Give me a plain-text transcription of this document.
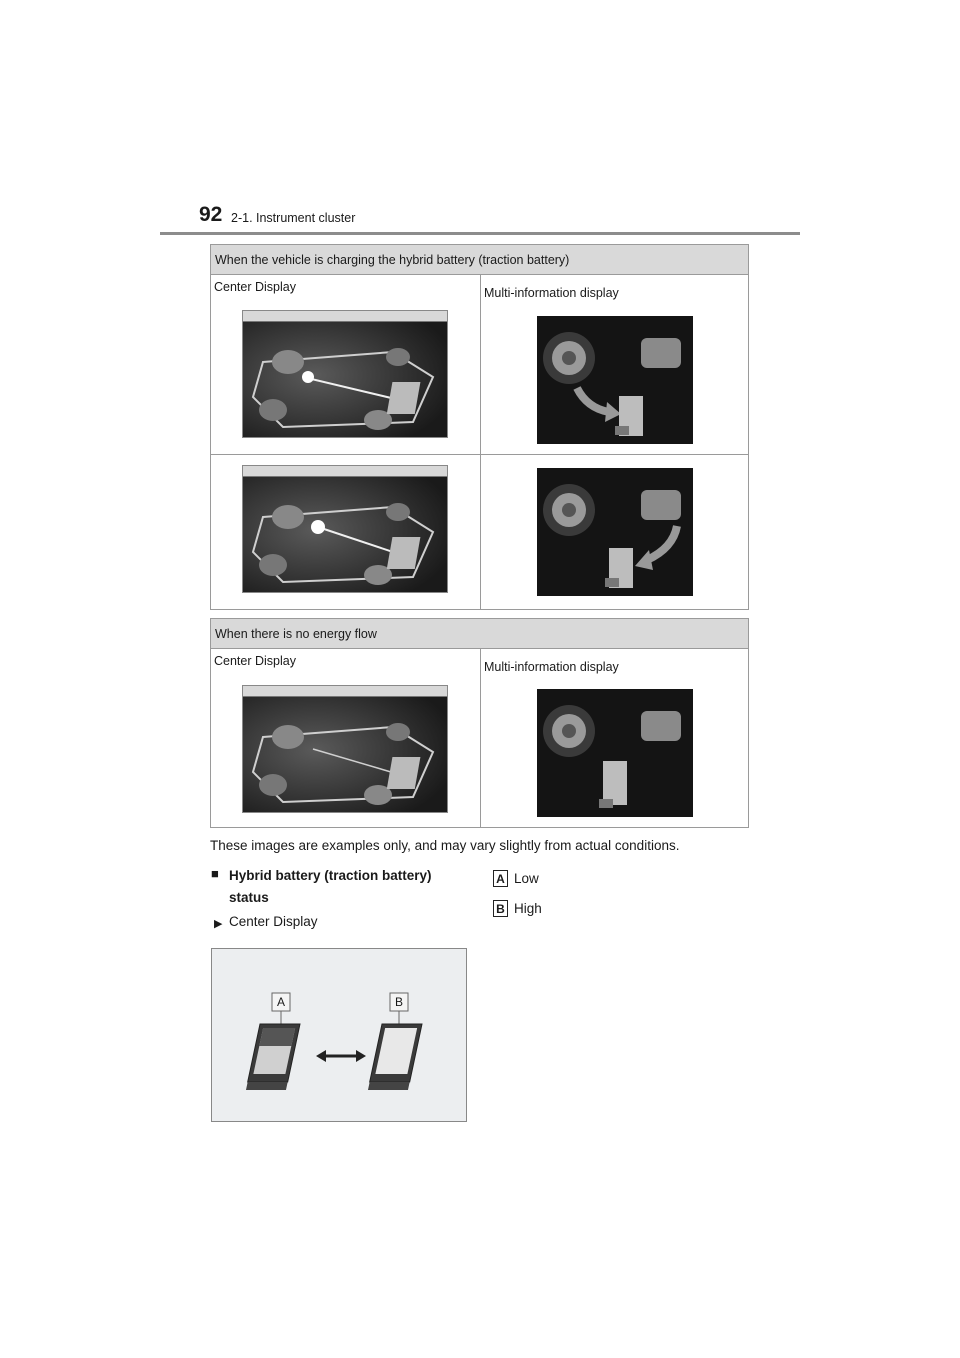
92 2-1. Instrument cluster
When the vehicle is charging the hybrid battery (traction battery)
Center Display	Multi-information display
When there is no energy flow
Center Display	Multi-information display
These images are examples only, and may vary slightly from actual conditions.
■ Hybrid battery (traction battery)
status
▶ Center Display
A Low
B High
A	B
